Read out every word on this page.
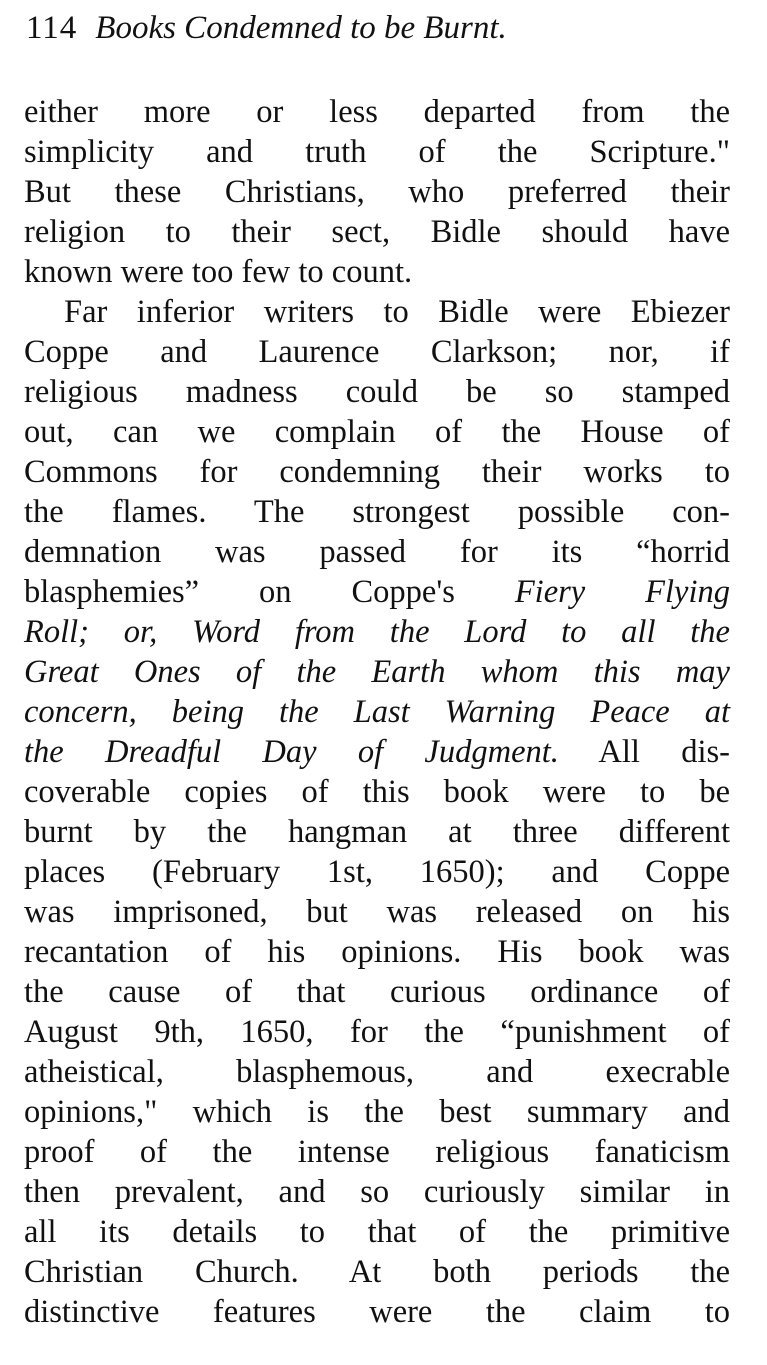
114 Books Condemned to be Burnt.
either more or less departed from the
simplicity and truth of the Scripture."
But these Christians, who preferred their
religion to their sect, Bidle should have
known were too few to count.
Far inferior writers to Bidle were Ebiezer
Coppe and Laurence Clarkson; nor, if
religious madness could be so stamped
out, can we complain of the House of
Commons for condemning their works to
the flames. The strongest possible con-
demnation was passed for its “horrid
blasphemies” on Coppe's Fiery Flying
Roll; or, Word from the Lord to all the
Great Ones of the Earth whom this may
concern, being the Last Warning Peace at
the Dreadful Day of Judgment. All dis-
coverable copies of this book were to be
burnt by the hangman at three different
places (February 1st, 1650); and Coppe
was imprisoned, but was released on his
recantation of his opinions. His book was
the cause of that curious ordinance of
August 9th, 1650, for the “punishment of
atheistical, blasphemous, and execrable
opinions," which is the best summary and
proof of the intense religious fanaticism
then prevalent, and so curiously similar in
all its details to that of the primitive
Christian Church. At both periods the
distinctive features were the claim to
